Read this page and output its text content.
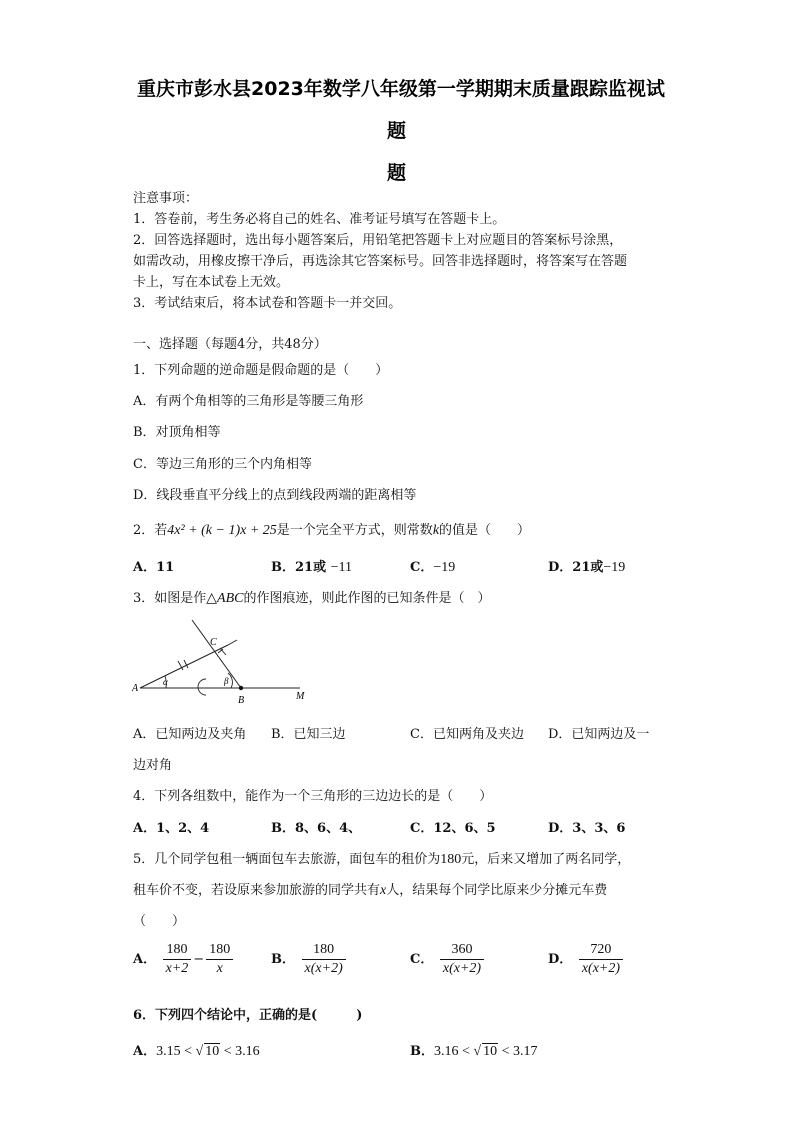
重庆市彭水县2023年数学八年级第一学期期末质量跟踪监视试
题
题
注意事项：
1．答卷前，考生务必将自己的姓名、准考证号填写在答题卡上。
2．回答选择题时，选出每小题答案后，用铅笔把答题卡上对应题目的答案标号涂黑，
如需改动，用橡皮擦干净后，再选涂其它答案标号。回答非选择题时，将答案写在答题
卡上，写在本试卷上无效。
3．考试结束后，将本试卷和答题卡一并交回。
一、选择题（每题4分，共48分）
1．下列命题的逆命题是假命题的是（　　）
A．有两个角相等的三角形是等腰三角形
B．对顶角相等
C．等边三角形的三个内角相等
D．线段垂直平分线上的点到线段两端的距离相等
2．若4x² + (k − 1)x + 25是一个完全平方式，则常数k的值是（　　）
A．11	B．21或 −11	C．−19	D．21或−19
3．如图是作△ABC的作图痕迹，则此作图的已知条件是（　）
A
B
C
M
α	β
A．已知两边及夹角 B．已知三边	C．已知两角及夹边 D．已知两边及一
边对角
4．下列各组数中，能作为一个三角形的三边边长的是（　　）
A．1、2、4	B．8、6、4、	C．12、6、5	D．3、3、6
5．几个同学包租一辆面包车去旅游，面包车的租价为180元，后来又增加了两名同学，
租车价不变，若设原来参加旅游的同学共有x人，结果每个同学比原来少分摊元车费
（　　）
A． $\frac{180}{x+2} - \frac{180}{x}$	B． $\frac{180}{x(x+2)}$	C． $\frac{360}{x(x+2)}$	D． $\frac{720}{x(x+2)}$
6．下列四个结论中，正确的是(　　　)
A．3.15 < √ 10 < 3.16	B．3.16 < √ 10 < 3.17
